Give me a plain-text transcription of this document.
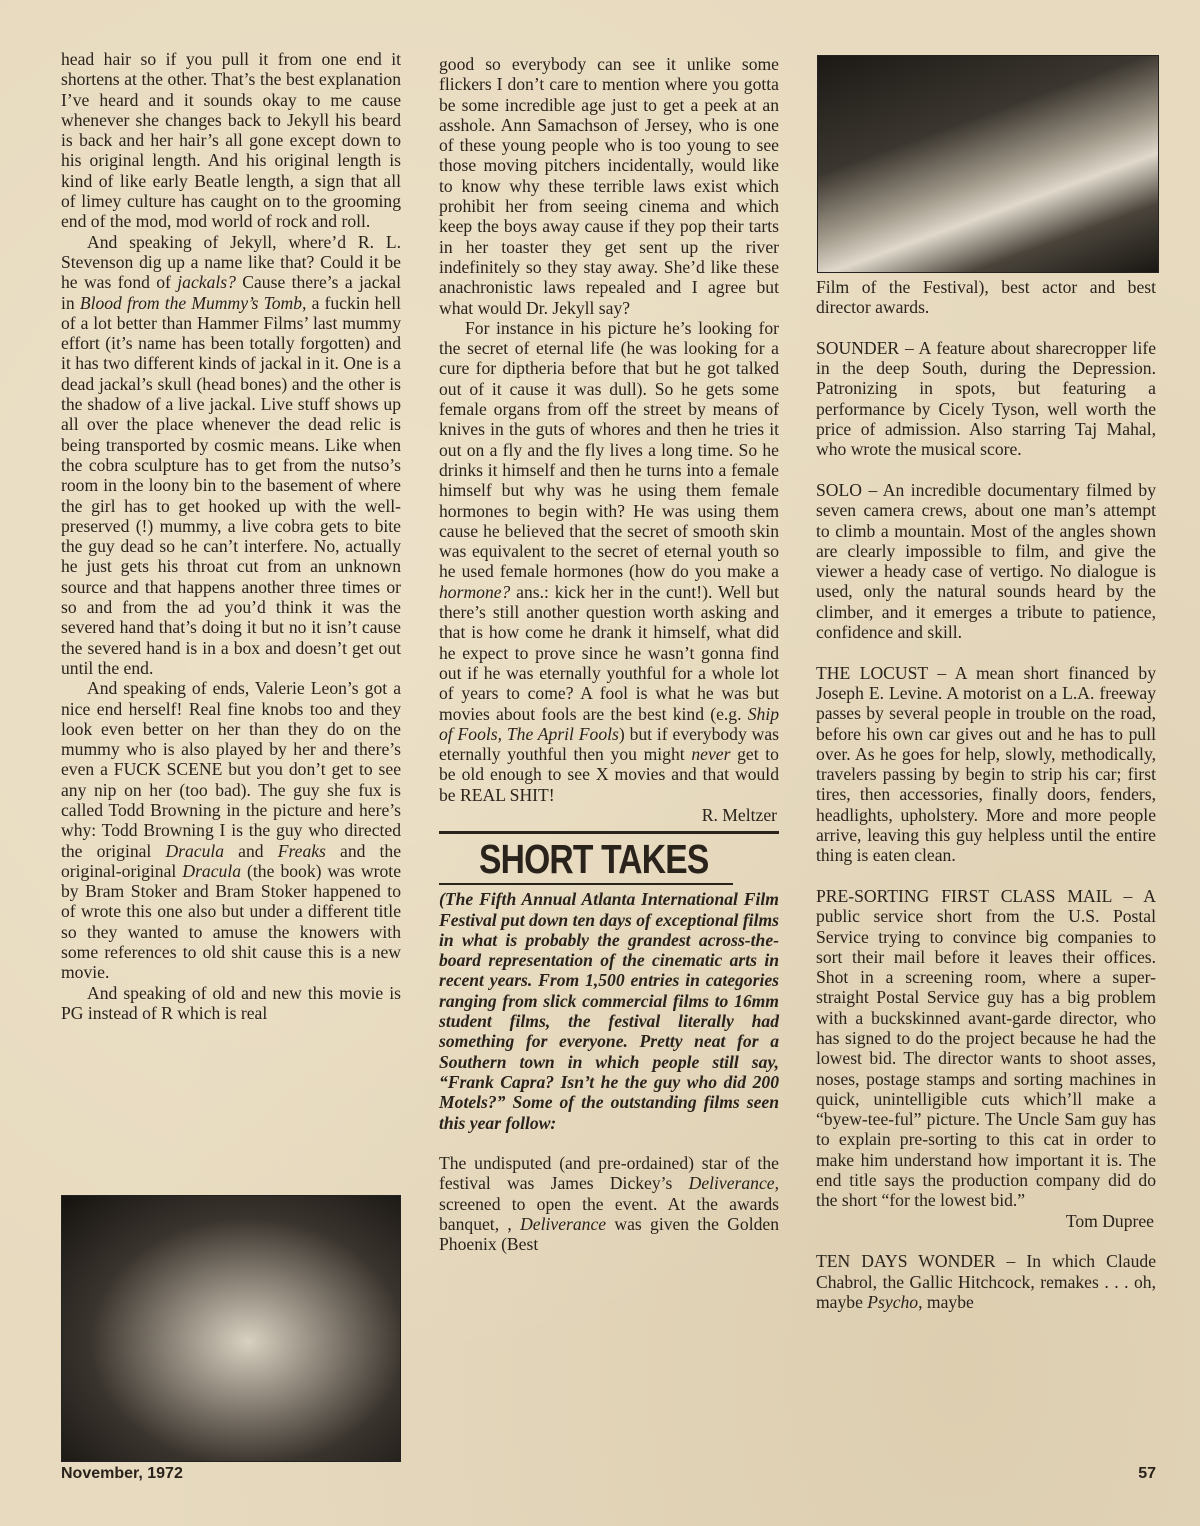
head hair so if you pull it from one end it shortens at the other. That’s the best explanation I’ve heard and it sounds okay to me cause whenever she changes back to Jekyll his beard is back and her hair’s all gone except down to his original length. And his original length is kind of like early Beatle length, a sign that all of limey culture has caught on to the grooming end of the mod, mod world of rock and roll.

And speaking of Jekyll, where’d R. L. Stevenson dig up a name like that? Could it be he was fond of jackals? Cause there’s a jackal in Blood from the Mummy’s Tomb, a fuckin hell of a lot better than Hammer Films’ last mummy effort (it’s name has been totally forgotten) and it has two different kinds of jackal in it. One is a dead jackal’s skull (head bones) and the other is the shadow of a live jackal. Live stuff shows up all over the place whenever the dead relic is being transported by cosmic means. Like when the cobra sculpture has to get from the nutso’s room in the loony bin to the basement of where the girl has to get hooked up with the well-preserved (!) mummy, a live cobra gets to bite the guy dead so he can’t interfere. No, actually he just gets his throat cut from an unknown source and that happens another three times or so and from the ad you’d think it was the severed hand that’s doing it but no it isn’t cause the severed hand is in a box and doesn’t get out until the end.

And speaking of ends, Valerie Leon’s got a nice end herself! Real fine knobs too and they look even better on her than they do on the mummy who is also played by her and there’s even a FUCK SCENE but you don’t get to see any nip on her (too bad). The guy she fux is called Todd Browning in the picture and here’s why: Todd Browning I is the guy who directed the original Dracula and Freaks and the original-original Dracula (the book) was wrote by Bram Stoker and Bram Stoker happened to of wrote this one also but under a different title so they wanted to amuse the knowers with some references to old shit cause this is a new movie.

And speaking of old and new this movie is PG instead of R which is real

good so everybody can see it unlike some flickers I don’t care to mention where you gotta be some incredible age just to get a peek at an asshole. Ann Samachson of Jersey, who is one of these young people who is too young to see those moving pitchers incidentally, would like to know why these terrible laws exist which prohibit her from seeing cinema and which keep the boys away cause if they pop their tarts in her toaster they get sent up the river indefinitely so they stay away. She’d like these anachronistic laws repealed and I agree but what would Dr. Jekyll say?

For instance in his picture he’s looking for the secret of eternal life (he was looking for a cure for diptheria before that but he got talked out of it cause it was dull). So he gets some female organs from off the street by means of knives in the guts of whores and then he tries it out on a fly and the fly lives a long time. So he drinks it himself and then he turns into a female himself but why was he using them female hormones to begin with? He was using them cause he believed that the secret of smooth skin was equivalent to the secret of eternal youth so he used female hormones (how do you make a hormone? ans.: kick her in the cunt!). Well but there’s still another question worth asking and that is how come he drank it himself, what did he expect to prove since he wasn’t gonna find out if he was eternally youthful for a whole lot of years to come? A fool is what he was but movies about fools are the best kind (e.g. Ship of Fools, The April Fools) but if everybody was eternally youthful then you might never get to be old enough to see X movies and that would be REAL SHIT!

R. Meltzer

SHORT TAKES

(The Fifth Annual Atlanta International Film Festival put down ten days of exceptional films in what is probably the grandest across-the- board representation of the cinematic arts in recent years. From 1,500 entries in categories ranging from slick commercial films to 16mm student films, the festival literally had something for everyone. Pretty neat for a Southern town in which people still say, “Frank Capra? Isn’t he the guy who did 200 Motels?” Some of the outstanding films seen this year follow:

The undisputed (and pre-ordained) star of the festival was James Dickey’s Deliverance, screened to open the event. At the awards banquet, , Deliverance was given the Golden Phoenix (Best

Film of the Festival), best actor and best director awards.

SOUNDER – A feature about sharecropper life in the deep South, during the Depression. Patronizing in spots, but featuring a performance by Cicely Tyson, well worth the price of admission. Also starring Taj Mahal, who wrote the musical score.

SOLO – An incredible documentary filmed by seven camera crews, about one man’s attempt to climb a mountain. Most of the angles shown are clearly impossible to film, and give the viewer a heady case of vertigo. No dialogue is used, only the natural sounds heard by the climber, and it emerges a tribute to patience, confidence and skill.

THE LOCUST – A mean short financed by Joseph E. Levine. A motorist on a L.A. freeway passes by several people in trouble on the road, before his own car gives out and he has to pull over. As he goes for help, slowly, methodically, travelers passing by begin to strip his car; first tires, then accessories, finally doors, fenders, headlights, upholstery. More and more people arrive, leaving this guy helpless until the entire thing is eaten clean.

PRE-SORTING FIRST CLASS MAIL – A public service short from the U.S. Postal Service trying to convince big companies to sort their mail before it leaves their offices. Shot in a screening room, where a super-straight Postal Service guy has a big problem with a buckskinned avant-garde director, who has signed to do the project because he had the lowest bid. The director wants to shoot asses, noses, postage stamps and sorting machines in quick, unintelligible cuts which’ll make a “byew-tee-ful” picture. The Uncle Sam guy has to explain pre-sorting to this cat in order to make him understand how important it is. The end title says the production company did do the short “for the lowest bid.”

Tom Dupree

TEN DAYS WONDER – In which Claude Chabrol, the Gallic Hitchcock, remakes . . . oh, maybe Psycho, maybe

November, 1972	57
